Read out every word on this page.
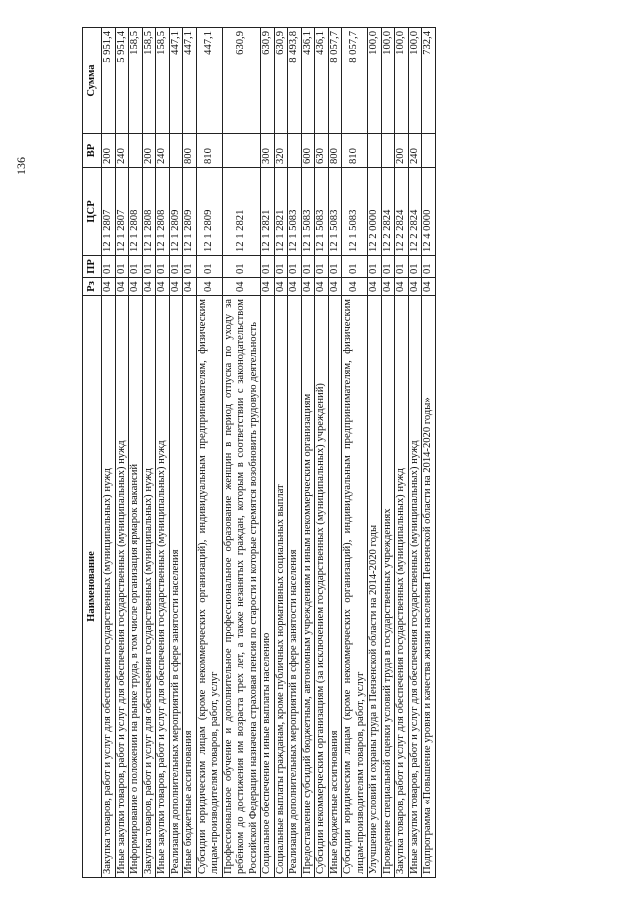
136
Наименование	Рз	ПР	ЦСР	ВР	Сумма
Закупка товаров, работ и услуг для обеспечения государственных (муниципальных) нужд	04	01	12 1 2807	200	5 951,4
Иные закупки товаров, работ и услуг для обеспечения государственных (муниципальных) нужд	04	01	12 1 2807	240	5 951,4
Информирование о положении на рынке труда, в том числе организация ярмарок вакансий	04	01	12 1 2808		158,5
Закупка товаров, работ и услуг для обеспечения государственных (муниципальных) нужд	04	01	12 1 2808	200	158,5
Иные закупки товаров, работ и услуг для обеспечения государственных (муниципальных) нужд	04	01	12 1 2808	240	158,5
Реализация дополнительных мероприятий в сфере занятости населения	04	01	12 1 2809		447,1
Иные бюджетные ассигнования	04	01	12 1 2809	800	447,1
Субсидии юридическим лицам (кроме некоммерческих организаций), индивидуальным предпринимателям, физическим лицам-производителям товаров, работ, услуг	04	01	12 1 2809	810	447,1
Профессиональное обучение и дополнительное профессиональное образование женщин в период отпуска по уходу за ребёнком до достижения им возраста трех лет, а также незанятых граждан, которым в соответствии с законодательством Российской Федерации назначена страховая пенсия по старости и которые стремятся возобновить трудовую деятельность	04	01	12 1 2821		630,9
Социальное обеспечение и иные выплаты населению	04	01	12 1 2821	300	630,9
Социальные выплаты гражданам, кроме публичных нормативных социальных выплат	04	01	12 1 2821	320	630,9
Реализация дополнительных мероприятий в сфере занятости населения	04	01	12 1 5083		8 493,8
Предоставление субсидий бюджетным, автономным учреждениям и иным некоммерческим организациям	04	01	12 1 5083	600	436,1
Субсидии некоммерческим организациям (за исключением государственных (муниципальных) учреждений)	04	01	12 1 5083	630	436,1
Иные бюджетные ассигнования	04	01	12 1 5083	800	8 057,7
Субсидии юридическим лицам (кроме некоммерческих организаций), индивидуальным предпринимателям, физическим лицам-производителям товаров, работ, услуг	04	01	12 1 5083	810	8 057,7
Улучшение условий и охраны труда в Пензенской области на 2014-2020 годы	04	01	12 2 0000		100,0
Проведение специальной оценки условий труда в государственных учреждениях	04	01	12 2 2824		100,0
Закупка товаров, работ и услуг для обеспечения государственных (муниципальных) нужд	04	01	12 2 2824	200	100,0
Иные закупки товаров, работ и услуг для обеспечения государственных (муниципальных) нужд	04	01	12 2 2824	240	100,0
Подпрограмма «Повышение уровня и качества жизни населения Пензенской области на 2014-2020 годы»	04	01	12 4 0000		732,4
